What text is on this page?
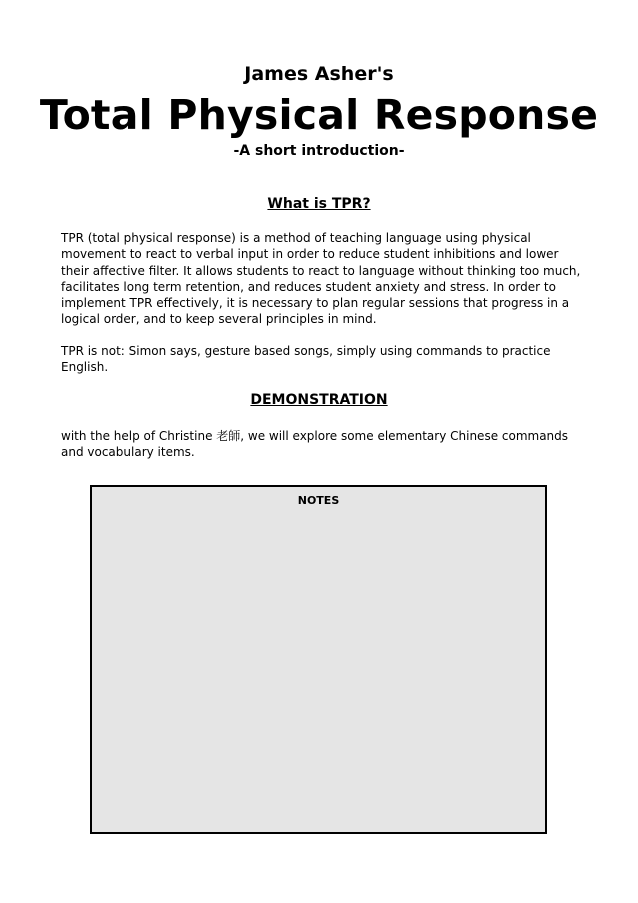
James Asher's

Total Physical Response

-A short introduction-

What is TPR?

TPR (total physical response) is a method of teaching language using physical movement to react to verbal input in order to reduce student inhibitions and lower their affective filter. It allows students to react to language without thinking too much, facilitates long term retention, and reduces student anxiety and stress. In order to implement TPR effectively, it is necessary to plan regular sessions that progress in a logical order, and to keep several principles in mind.

TPR is not: Simon says, gesture based songs, simply using commands to practice English.

DEMONSTRATION

with the help of Christine 老師, we will explore some elementary Chinese commands and vocabulary items.

NOTES
